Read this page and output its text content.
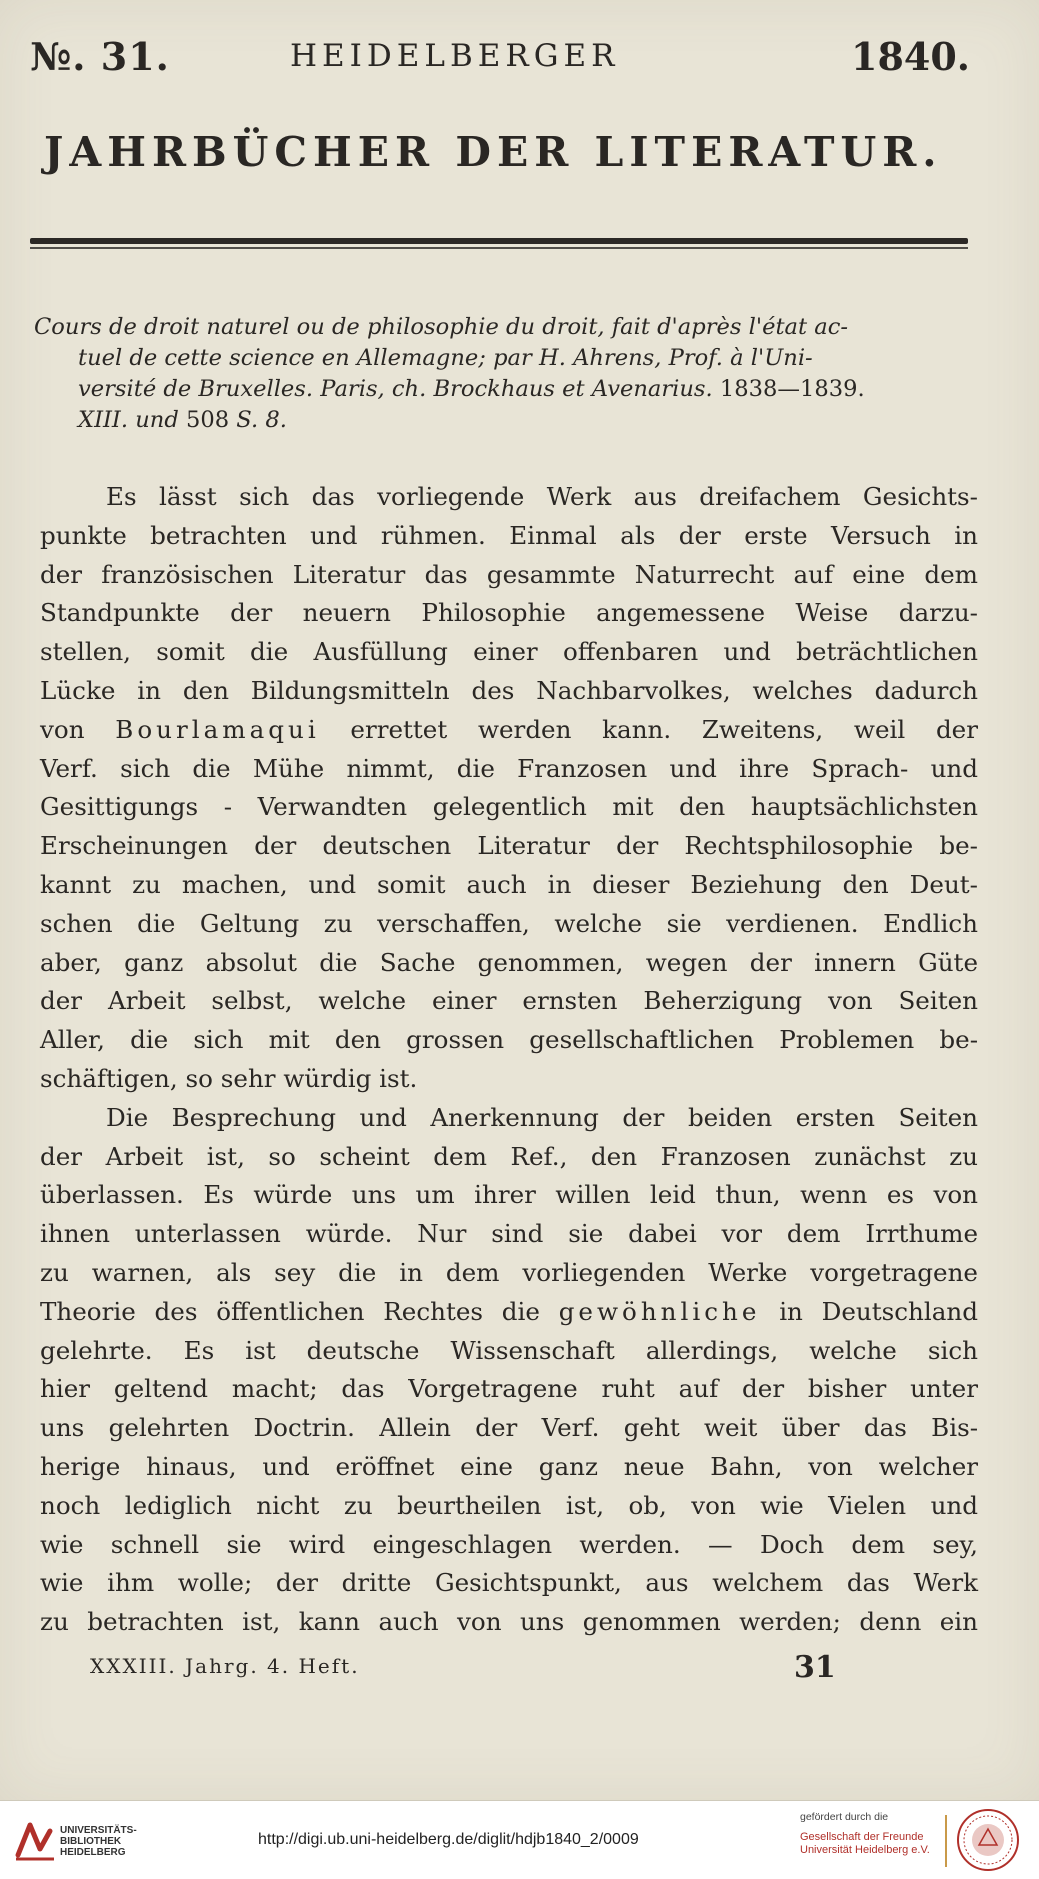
№. 31.	HEIDELBERGER	1840.
JAHRBÜCHER DER LITERATUR.
Cours de droit naturel ou de philosophie du droit, fait d'après l'état ac-
tuel de cette science en Allemagne; par H. Ahrens, Prof. à l'Uni-
versité de Bruxelles. Paris, ch. Brockhaus et Avenarius. 1838—1839.
XIII. und 508 S. 8.
Es lässt sich das vorliegende Werk aus dreifachem Gesichts-
punkte betrachten und rühmen. Einmal als der erste Versuch in
der französischen Literatur das gesammte Naturrecht auf eine dem
Standpunkte der neuern Philosophie angemessene Weise darzu-
stellen, somit die Ausfüllung einer offenbaren und beträchtlichen
Lücke in den Bildungsmitteln des Nachbarvolkes, welches dadurch
von Bourlamaqui errettet werden kann. Zweitens, weil der
Verf. sich die Mühe nimmt, die Franzosen und ihre Sprach- und
Gesittigungs - Verwandten gelegentlich mit den hauptsächlichsten
Erscheinungen der deutschen Literatur der Rechtsphilosophie be-
kannt zu machen, und somit auch in dieser Beziehung den Deut-
schen die Geltung zu verschaffen, welche sie verdienen. Endlich
aber, ganz absolut die Sache genommen, wegen der innern Güte
der Arbeit selbst, welche einer ernsten Beherzigung von Seiten
Aller, die sich mit den grossen gesellschaftlichen Problemen be-
schäftigen, so sehr würdig ist.
Die Besprechung und Anerkennung der beiden ersten Seiten
der Arbeit ist, so scheint dem Ref., den Franzosen zunächst zu
überlassen. Es würde uns um ihrer willen leid thun, wenn es von
ihnen unterlassen würde. Nur sind sie dabei vor dem Irrthume
zu warnen, als sey die in dem vorliegenden Werke vorgetragene
Theorie des öffentlichen Rechtes die gewöhnliche in Deutschland
gelehrte. Es ist deutsche Wissenschaft allerdings, welche sich
hier geltend macht; das Vorgetragene ruht auf der bisher unter
uns gelehrten Doctrin. Allein der Verf. geht weit über das Bis-
herige hinaus, und eröffnet eine ganz neue Bahn, von welcher
noch lediglich nicht zu beurtheilen ist, ob, von wie Vielen und
wie schnell sie wird eingeschlagen werden. — Doch dem sey,
wie ihm wolle; der dritte Gesichtspunkt, aus welchem das Werk
zu betrachten ist, kann auch von uns genommen werden; denn ein
XXXIII. Jahrg. 4. Heft.	31
UNIVERSITÄTS-
BIBLIOTHEK
HEIDELBERG
http://digi.ub.uni-heidelberg.de/diglit/hdjb1840_2/0009
gefördert durch die
Gesellschaft der Freunde
Universität Heidelberg e.V.
